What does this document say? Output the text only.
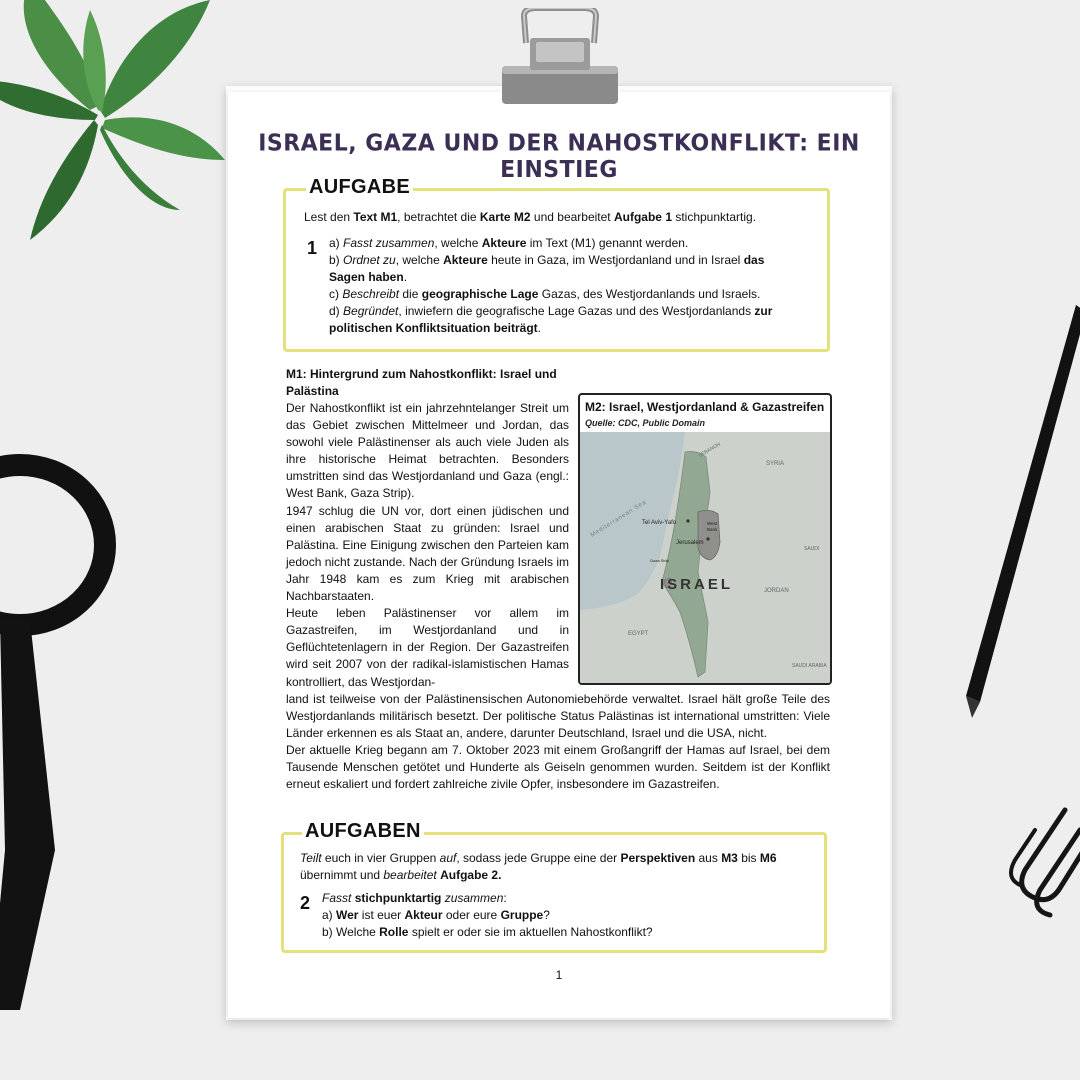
ISRAEL, GAZA UND DER NAHOSTKONFLIKT: EIN EINSTIEG
AUFGABE
Lest den Text M1, betrachtet die Karte M2 und bearbeitet Aufgabe 1 stichpunktartig.
1 a) Fasst zusammen, welche Akteure im Text (M1) genannt werden.
b) Ordnet zu, welche Akteure heute in Gaza, im Westjordanland und in Israel das Sagen haben.
c) Beschreibt die geographische Lage Gazas, des Westjordanlands und Israels.
d) Begründet, inwiefern die geografische Lage Gazas und des Westjordanlands zur politischen Konfliktsituation beiträgt.
M1: Hintergrund zum Nahostkonflikt: Israel und Palästina

Der Nahostkonflikt ist ein jahrzehntelanger Streit um das Gebiet zwischen Mittelmeer und Jordan, das sowohl viele Palästinenser als auch viele Juden als ihre historische Heimat betrachten. Besonders umstritten sind das Westjordanland und Gaza (engl.: West Bank, Gaza Strip).

1947 schlug die UN vor, dort einen jüdischen und einen arabischen Staat zu gründen: Israel und Palästina. Eine Einigung zwischen den Parteien kam jedoch nicht zustande. Nach der Gründung Israels im Jahr 1948 kam es zum Krieg mit arabischen Nachbarstaaten.

Heute leben Palästinenser vor allem im Gazastreifen, im Westjordanland und in Geflüchtetenlagern in der Region. Der Gazastreifen wird seit 2007 von der radikal-islamistischen Hamas kontrolliert, das Westjordan-

M2: Israel, Westjordanland & Gazastreifen
Quelle: CDC, Public Domain
ISRAEL
LEBANON
SYRIA
JORDAN
EGYPT
SAUDI
SAUDI ARABIA
Mediterranean Sea
Tel Aviv-Yafo
Jerusalem
West
Bank
Gaza Strip

land ist teilweise von der Palästinensischen Autonomiebehörde verwaltet. Israel hält große Teile des Westjordanlands militärisch besetzt. Der politische Status Palästinas ist international umstritten: Viele Länder erkennen es als Staat an, andere, darunter Deutschland, Israel und die USA, nicht.

Der aktuelle Krieg begann am 7. Oktober 2023 mit einem Großangriff der Hamas auf Israel, bei dem Tausende Menschen getötet und Hunderte als Geiseln genommen wurden. Seitdem ist der Konflikt erneut eskaliert und fordert zahlreiche zivile Opfer, insbesondere im Gazastreifen.

AUFGABEN
Teilt euch in vier Gruppen auf, sodass jede Gruppe eine der Perspektiven aus M3 bis M6 übernimmt und bearbeitet Aufgabe 2.
2 Fasst stichpunktartig zusammen:
a) Wer ist euer Akteur oder eure Gruppe?
b) Welche Rolle spielt er oder sie im aktuellen Nahostkonflikt?
1
